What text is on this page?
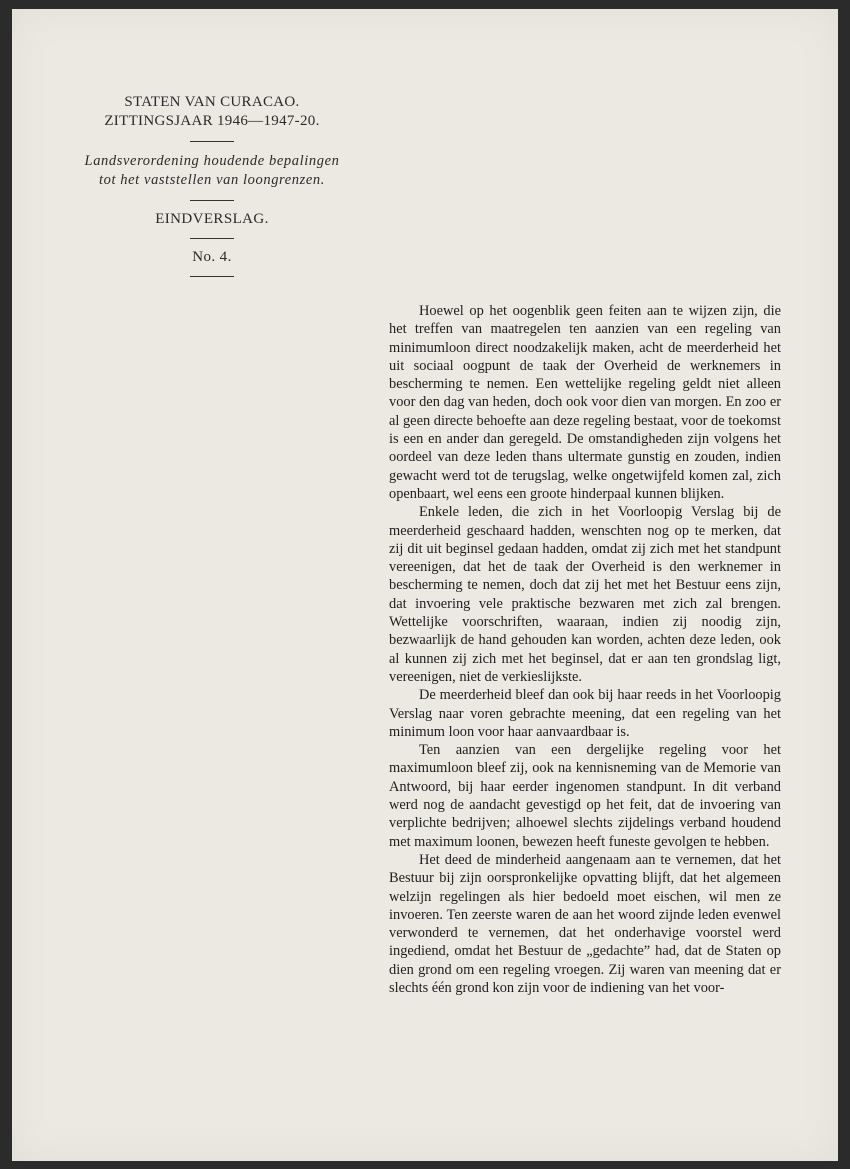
STATEN VAN CURACAO.
ZITTINGSJAAR 1946—1947-20.
Landsverordening houdende bepalingen
tot het vaststellen van loongrenzen.
EINDVERSLAG.
No. 4.

Hoewel op het oogenblik geen feiten aan te wijzen zijn, die het treffen van maatregelen ten aanzien van een regeling van minimumloon direct noodzakelijk maken, acht de meerderheid het uit sociaal oogpunt de taak der Overheid de werknemers in bescherming te nemen. Een wettelijke regeling geldt niet alleen voor den dag van heden, doch ook voor dien van morgen. En zoo er al geen directe behoefte aan deze regeling bestaat, voor de toekomst is een en ander dan geregeld. De omstandigheden zijn volgens het oordeel van deze leden thans ultermate gunstig en zouden, indien gewacht werd tot de terugslag, welke ongetwijfeld komen zal, zich openbaart, wel eens een groote hinderpaal kunnen blijken.

Enkele leden, die zich in het Voorloopig Verslag bij de meerderheid geschaard hadden, wenschten nog op te merken, dat zij dit uit beginsel gedaan hadden, omdat zij zich met het standpunt vereenigen, dat het de taak der Overheid is den werknemer in bescherming te nemen, doch dat zij het met het Bestuur eens zijn, dat invoering vele praktische bezwaren met zich zal brengen. Wettelijke voorschriften, waaraan, indien zij noodig zijn, bezwaarlijk de hand gehouden kan worden, achten deze leden, ook al kunnen zij zich met het beginsel, dat er aan ten grondslag ligt, vereenigen, niet de verkieslijkste.

De meerderheid bleef dan ook bij haar reeds in het Voorloopig Verslag naar voren gebrachte meening, dat een regeling van het minimum loon voor haar aanvaardbaar is.

Ten aanzien van een dergelijke regeling voor het maximumloon bleef zij, ook na kennisneming van de Memorie van Antwoord, bij haar eerder ingenomen standpunt. In dit verband werd nog de aandacht gevestigd op het feit, dat de invoering van verplichte bedrijven; alhoewel slechts zijdelings verband houdend met maximum loonen, bewezen heeft funeste gevolgen te hebben.

Het deed de minderheid aangenaam aan te vernemen, dat het Bestuur bij zijn oorspronkelijke opvatting blijft, dat het algemeen welzijn regelingen als hier bedoeld moet eischen, wil men ze invoeren. Ten zeerste waren de aan het woord zijnde leden evenwel verwonderd te vernemen, dat het onderhavige voorstel werd ingediend, omdat het Bestuur de „gedachte” had, dat de Staten op dien grond om een regeling vroegen. Zij waren van meening dat er slechts één grond kon zijn voor de indiening van het voor-
